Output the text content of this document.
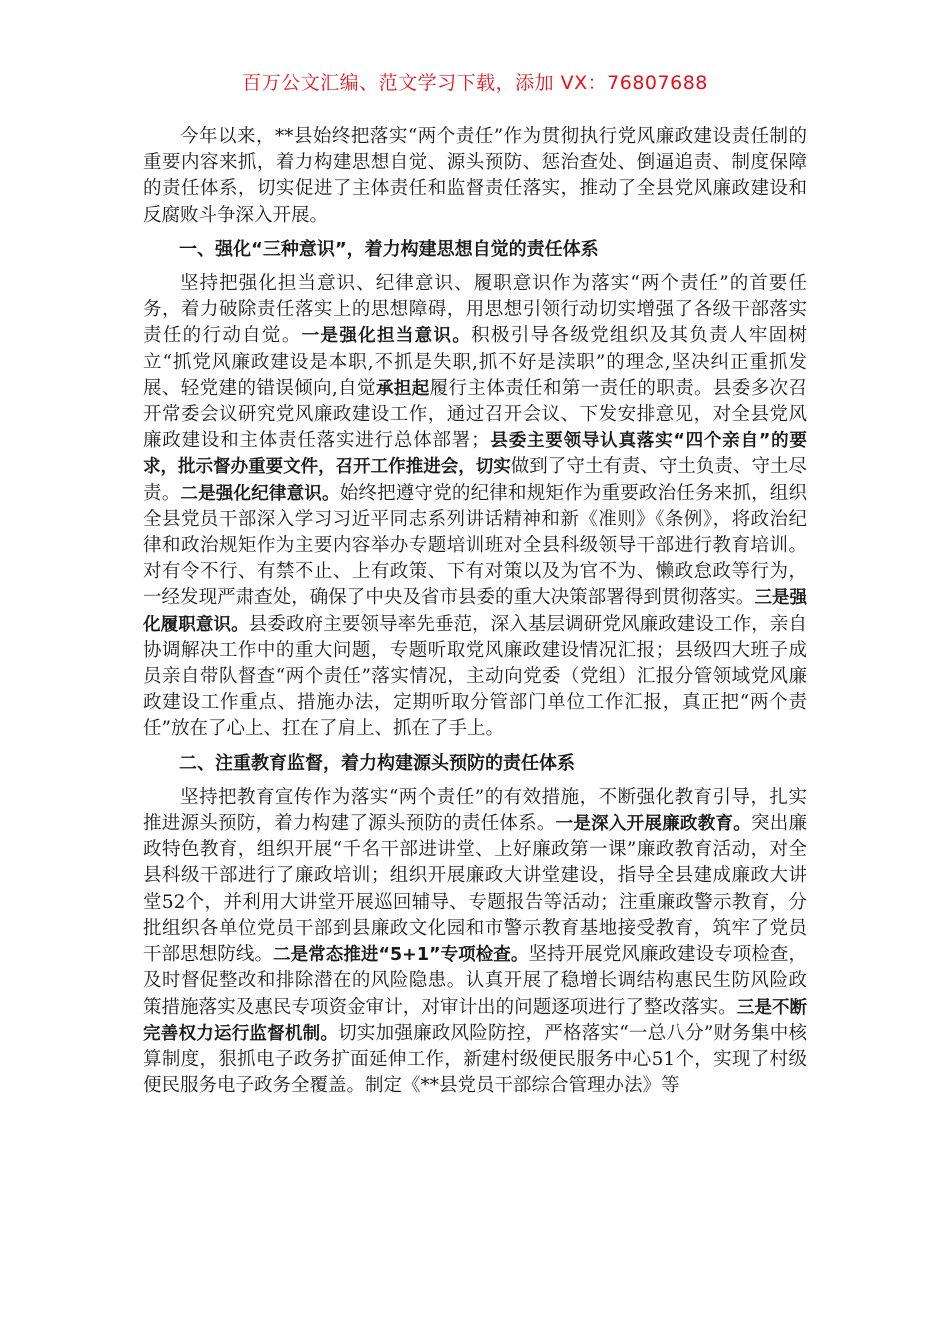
百万公文汇编、范文学习下载，添加 VX：76807688

今年以来，**县始终把落实“两个责任”作为贯彻执行党风廉政建设责任制的重要内容来抓，着力构建思想自觉、源头预防、惩治查处、倒逼追责、制度保障的责任体系，切实促进了主体责任和监督责任落实，推动了全县党风廉政建设和反腐败斗争深入开展。

一、强化“三种意识”，着力构建思想自觉的责任体系

坚持把强化担当意识、纪律意识、履职意识作为落实“两个责任”的首要任务，着力破除责任落实上的思想障碍，用思想引领行动切实增强了各级干部落实责任的行动自觉。一是强化担当意识。积极引导各级党组织及其负责人牢固树立“抓党风廉政建设是本职,不抓是失职,抓不好是渎职”的理念,坚决纠正重抓发展、轻党建的错误倾向,自觉承担起履行主体责任和第一责任的职责。县委多次召开常委会议研究党风廉政建设工作，通过召开会议、下发安排意见，对全县党风廉政建设和主体责任落实进行总体部署；县委主要领导认真落实“四个亲自”的要求，批示督办重要文件，召开工作推进会，切实做到了守土有责、守土负责、守土尽责。二是强化纪律意识。始终把遵守党的纪律和规矩作为重要政治任务来抓，组织全县党员干部深入学习习近平同志系列讲话精神和新《准则》《条例》，将政治纪律和政治规矩作为主要内容举办专题培训班对全县科级领导干部进行教育培训。对有令不行、有禁不止、上有政策、下有对策以及为官不为、懒政怠政等行为，一经发现严肃查处，确保了中央及省市县委的重大决策部署得到贯彻落实。三是强化履职意识。县委政府主要领导率先垂范，深入基层调研党风廉政建设工作，亲自协调解决工作中的重大问题，专题听取党风廉政建设情况汇报；县级四大班子成员亲自带队督查“两个责任”落实情况，主动向党委（党组）汇报分管领域党风廉政建设工作重点、措施办法，定期听取分管部门单位工作汇报，真正把“两个责任”放在了心上、扛在了肩上、抓在了手上。

二、注重教育监督，着力构建源头预防的责任体系

坚持把教育宣传作为落实“两个责任”的有效措施，不断强化教育引导，扎实推进源头预防，着力构建了源头预防的责任体系。一是深入开展廉政教育。突出廉政特色教育，组织开展“千名干部进讲堂、上好廉政第一课”廉政教育活动，对全县科级干部进行了廉政培训；组织开展廉政大讲堂建设，指导全县建成廉政大讲堂52个，并利用大讲堂开展巡回辅导、专题报告等活动；注重廉政警示教育，分批组织各单位党员干部到县廉政文化园和市警示教育基地接受教育，筑牢了党员干部思想防线。二是常态推进“5+1”专项检查。坚持开展党风廉政建设专项检查，及时督促整改和排除潜在的风险隐患。认真开展了稳增长调结构惠民生防风险政策措施落实及惠民专项资金审计，对审计出的问题逐项进行了整改落实。三是不断完善权力运行监督机制。切实加强廉政风险防控，严格落实“一总八分”财务集中核算制度，狠抓电子政务扩面延伸工作，新建村级便民服务中心51个，实现了村级便民服务电子政务全覆盖。制定《**县党员干部综合管理办法》等
